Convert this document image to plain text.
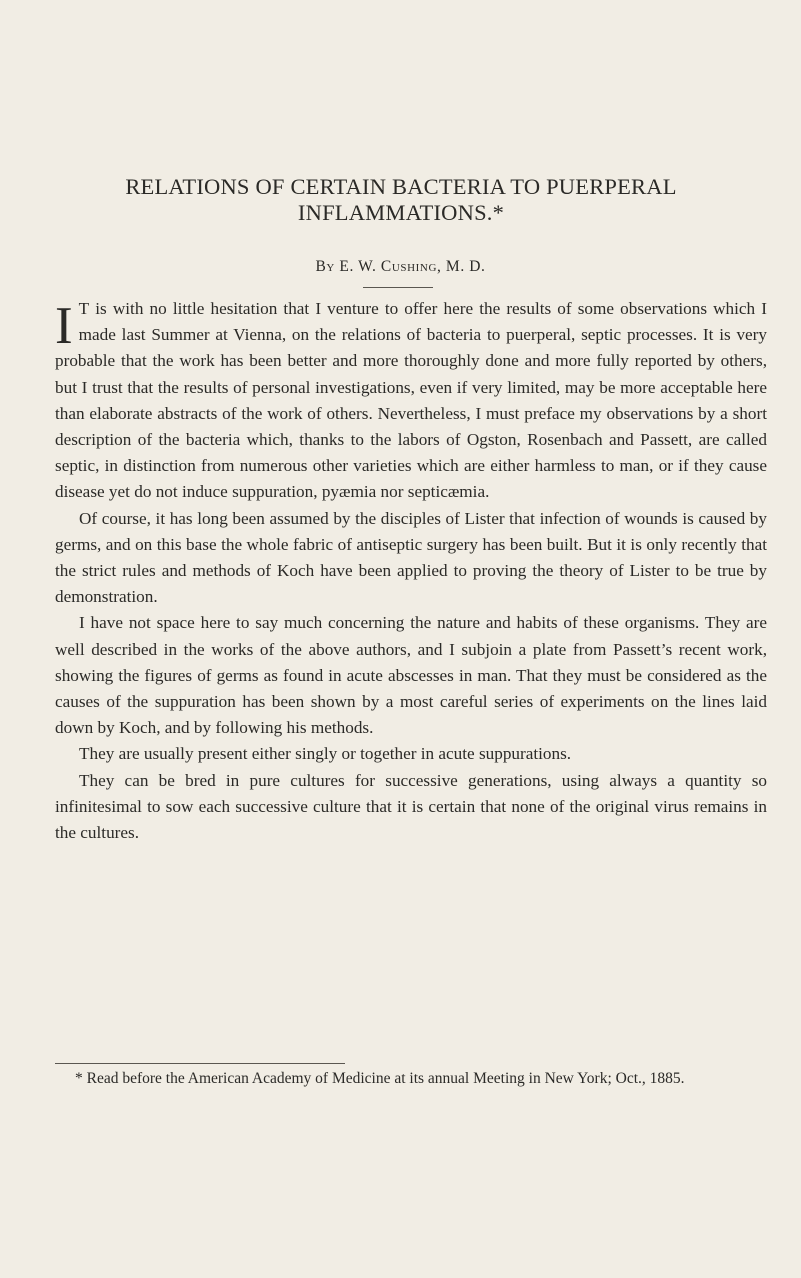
RELATIONS OF CERTAIN BACTERIA TO PUERPERAL INFLAMMATIONS.*
By E. W. Cushing, M. D.

I T is with no little hesitation that I venture to offer here the results of some observations which I made last Summer at Vienna, on the relations of bacteria to puerperal, septic processes. It is very probable that the work has been better and more thoroughly done and more fully reported by others, but I trust that the results of personal investigations, even if very limited, may be more acceptable here than elaborate abstracts of the work of others. Nevertheless, I must preface my observations by a short description of the bacteria which, thanks to the labors of Ogston, Rosenbach and Passett, are called septic, in distinction from numerous other varieties which are either harmless to man, or if they cause disease yet do not induce suppuration, pyæmia nor septicæmia.

Of course, it has long been assumed by the disciples of Lister that infection of wounds is caused by germs, and on this base the whole fabric of antiseptic surgery has been built. But it is only recently that the strict rules and methods of Koch have been applied to proving the theory of Lister to be true by demonstration.

I have not space here to say much concerning the nature and habits of these organisms. They are well described in the works of the above authors, and I subjoin a plate from Passett’s recent work, showing the figures of germs as found in acute abscesses in man. That they must be considered as the causes of the suppuration has been shown by a most careful series of experiments on the lines laid down by Koch, and by following his methods.

They are usually present either singly or together in acute suppurations.

They can be bred in pure cultures for successive generations, using always a quantity so infinitesimal to sow each successive culture that it is certain that none of the original virus remains in the cultures.

* Read before the American Academy of Medicine at its annual Meeting in New York; Oct., 1885.
